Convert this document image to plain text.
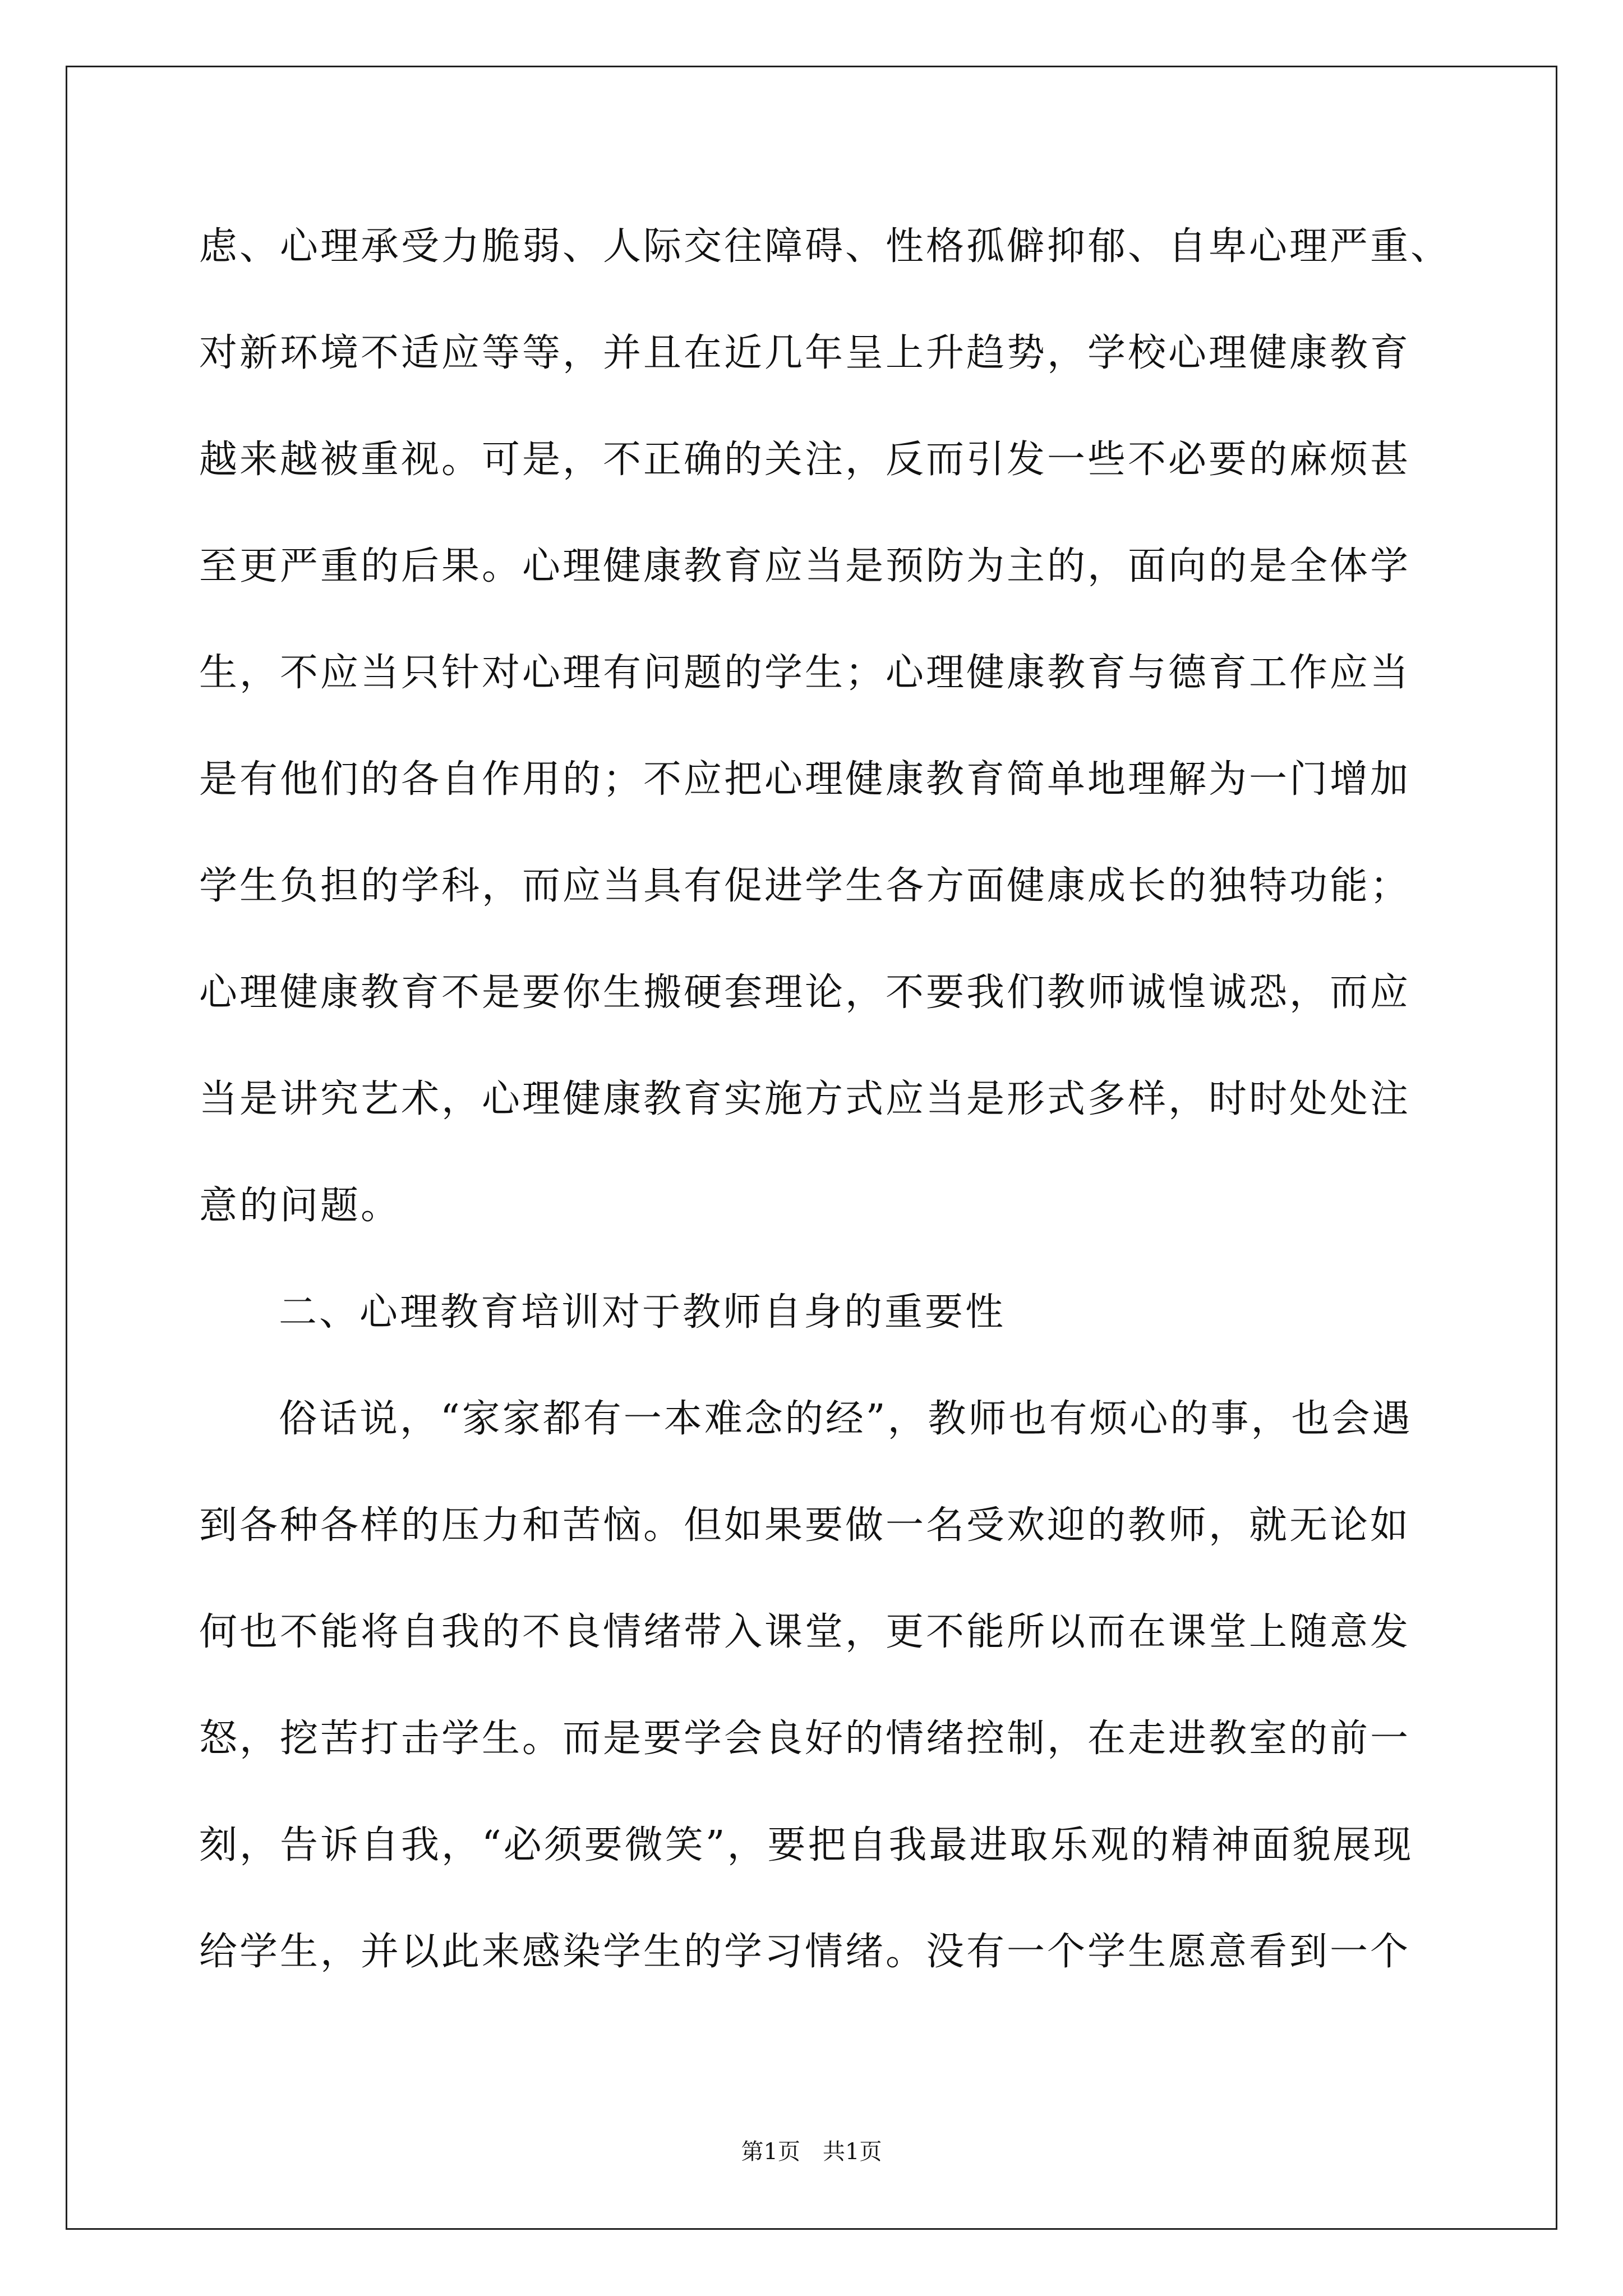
虑、心理承受力脆弱、人际交往障碍、性格孤僻抑郁、自卑心理严重、
对新环境不适应等等，并且在近几年呈上升趋势，学校心理健康教育
越来越被重视。可是，不正确的关注，反而引发一些不必要的麻烦甚
至更严重的后果。心理健康教育应当是预防为主的，面向的是全体学
生，不应当只针对心理有问题的学生；心理健康教育与德育工作应当
是有他们的各自作用的；不应把心理健康教育简单地理解为一门增加
学生负担的学科，而应当具有促进学生各方面健康成长的独特功能；
心理健康教育不是要你生搬硬套理论，不要我们教师诚惶诚恐，而应
当是讲究艺术，心理健康教育实施方式应当是形式多样，时时处处注
意的问题。
二、心理教育培训对于教师自身的重要性
俗话说，“家家都有一本难念的经”，教师也有烦心的事，也会遇
到各种各样的压力和苦恼。但如果要做一名受欢迎的教师，就无论如
何也不能将自我的不良情绪带入课堂，更不能所以而在课堂上随意发
怒，挖苦打击学生。而是要学会良好的情绪控制，在走进教室的前一
刻，告诉自我，“必须要微笑”，要把自我最进取乐观的精神面貌展现
给学生，并以此来感染学生的学习情绪。没有一个学生愿意看到一个
第1页　共1页
